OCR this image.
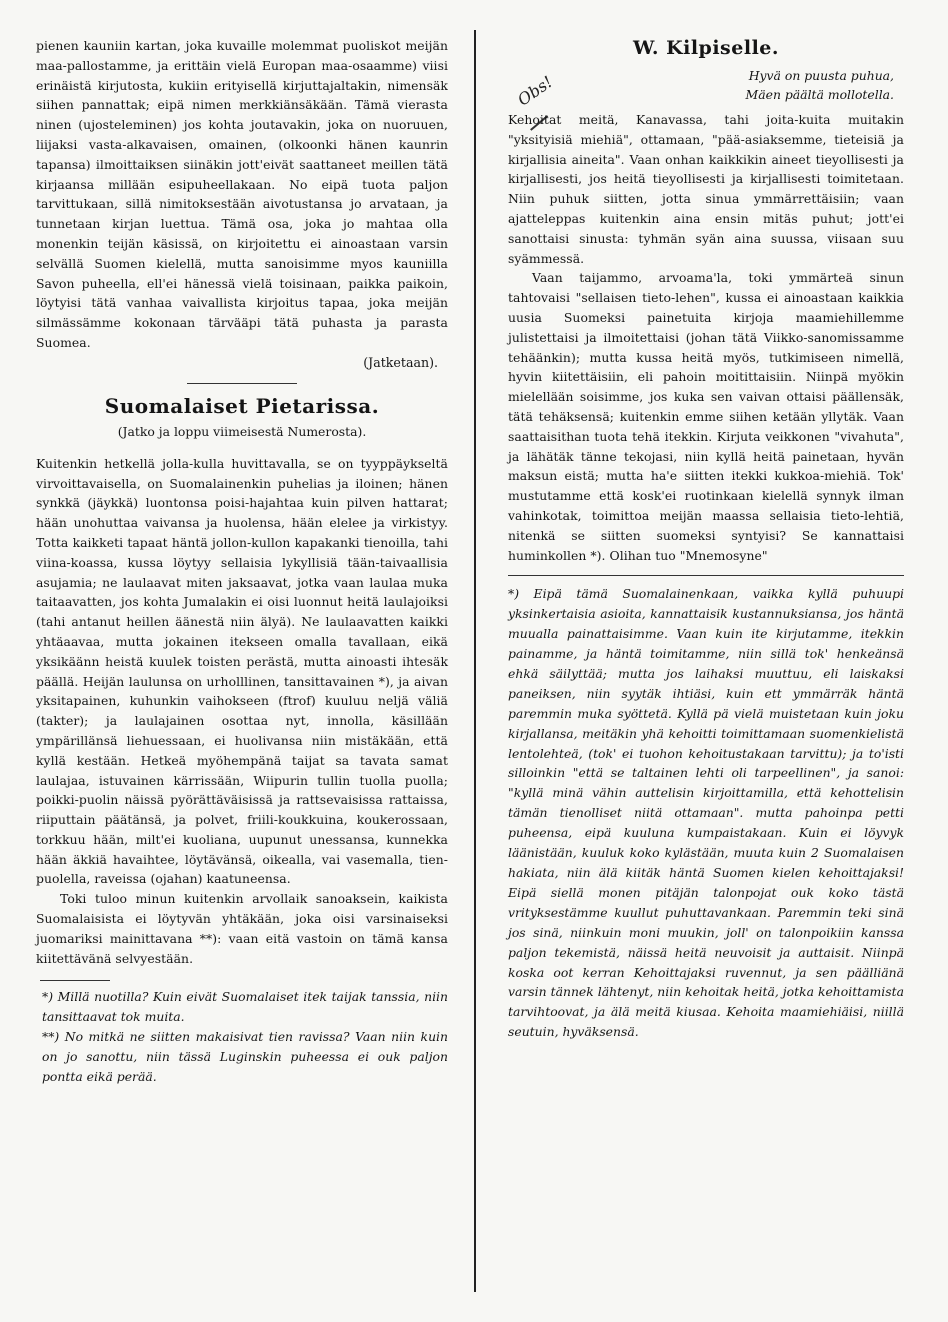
pienen kauniin kartan, joka kuvaille molemmat puoliskot meijän maa-pallostamme, ja erittäin vielä Europan maa-osaamme) viisi erinäistä kirjutosta, kukiin erityisellä kirjuttajaltakin, nimensäk siihen pannattak; eipä nimen merkkiänsäkään. Tämä vierasta ninen (ujosteleminen) jos kohta joutavakin, joka on nuoruuen, liijaksi vasta-alkavaisen, omainen, (olkoonki hänen kaunrin tapansa) ilmoittaiksen siinäkin jott'eivät saattaneet meillen tätä kirjaansa millään esipuheellakaan. No eipä tuota paljon tarvittukaan, sillä nimitoksestään aivotustansa jo arvataan, ja tunnetaan kirjan luettua. Tämä osa, joka jo mahtaa olla monenkin teijän käsissä, on kirjoitettu ei ainoastaan varsin selvällä Suomen kielellä, mutta sanoisimme myos kauniilla Savon puheella, ell'ei hänessä vielä toisinaan, paikka paikoin, löytyisi tätä vanhaa vaivallista kirjoitus tapaa, joka meijän silmässämme kokonaan tärvääpi tätä puhasta ja parasta Suomea.

(Jatketaan).

Suomalaiset Pietarissa.
(Jatko ja loppu viimeisestä Numerosta).

Kuitenkin hetkellä jolla-kulla huvittavalla, se on tyyppäykseltä virvoittavaisella, on Suomalainenkin puhelias ja iloinen; hänen synkkä (jäykkä) luontonsa poisi-hajahtaa kuin pilven hattarat; hään unohuttaa vaivansa ja huolensa, hään elelee ja virkistyy. Totta kaikketi tapaat häntä jollon-kullon kapakanki tienoilla, tahi viina-koassa, kussa löytyy sellaisia lykyllisiä tään-taivaallisia asujamia; ne laulaavat miten jaksaavat, jotka vaan laulaa muka taitaavatten, jos kohta Jumalakin ei oisi luonnut heitä laulajoiksi (tahi antanut heillen äänestä niin älyä). Ne laulaavatten kaikki yhtäaavaa, mutta jokainen itekseen omalla tavallaan, eikä yksikäänn heistä kuulek toisten perästä, mutta ainoasti ihtesäk päällä. Heijän laulunsa on urholllinen, tansittavainen *), ja aivan yksitapainen, kuhunkin vaihokseen (ftrof) kuuluu neljä väliä (takter); ja laulajainen osottaa nyt, innolla, käsillään ympärillänsä liehuessaan, ei huolivansa niin mistäkään, että kyllä kestään. Hetkeä myöhempänä taijat sa tavata samat laulajaa, istuvainen kärrissään, Wiipurin tullin tuolla puolla; poikki-puolin näissä pyörättäväisissä ja rattsevaisissa rattaissa, riiputtain päätänsä, ja polvet, friili-koukkuina, koukerossaan, torkkuu hään, milt'ei kuoliana, uupunut unessansa, kunnekka hään äkkiä havaihtee, löytävänsä, oikealla, vai vasemalla, tien-puolella, raveissa (ojahan) kaatuneensa.

Toki tuloo minun kuitenkin arvollaik sanoaksein, kaikista Suomalaisista ei löytyvän yhtäkään, joka oisi varsinaiseksi juomariksi mainittavana **): vaan eitä vastoin on tämä kansa kiitettävänä selvyestään.

*) Millä nuotilla? Kuin eivät Suomalaiset itek taijak tanssia, niin tansittaavat tok muita.

**) No mitkä ne siitten makaisivat tien ravissa? Vaan niin kuin on jo sanottu, niin tässä Luginskin puheessa ei ouk paljon pontta eikä perää.

Obs!
W. Kilpiselle.

Hyvä on puusta puhua,

Mäen päältä mollotella.

Kehoitat meitä, Kanavassa, tahi joita-kuita muitakin "yksityisiä miehiä", ottamaan, "pää-asiaksemme, tieteisiä ja kirjallisia aineita". Vaan onhan kaikkikin aineet tieyollisesti ja kirjallisesti, jos heitä tieyollisesti ja kirjallisesti toimitetaan. Niin puhuk siitten, jotta sinua ymmärrettäisiin; vaan ajatteleppas kuitenkin aina ensin mitäs puhut; jott'ei sanottaisi sinusta: tyhmän syän aina suussa, viisaan suu syämmessä.

Vaan taijammo, arvoama'la, toki ymmärteä sinun tahtovaisi "sellaisen tieto-lehen", kussa ei ainoastaan kaikkia uusia Suomeksi painetuita kirjoja maamiehillemme julistettaisi ja ilmoitettaisi (johan tätä Viikko-sanomissamme tehäänkin); mutta kussa heitä myös, tutkimiseen nimellä, hyvin kiitettäisiin, eli pahoin moitittaisiin. Niinpä myökin mielellään soisimme, jos kuka sen vaivan ottaisi päällensäk, tätä tehäksensä; kuitenkin emme siihen ketään yllytäk. Vaan saattaisithan tuota tehä itekkin. Kirjuta veikkonen "vivahuta", ja lähätäk tänne tekojasi, niin kyllä heitä painetaan, hyvän maksun eistä; mutta ha'e siitten itekki kukkoa-miehiä. Tok' mustutamme että kosk'ei ruotinkaan kielellä synnyk ilman vahinkotak, toimittoa meijän maassa sellaisia tieto-lehtiä, nitenkä se siitten suomeksi syntyisi? Se kannattaisi huminkollen *). Olihan tuo "Mnemosyne"

*) Eipä tämä Suomalainenkaan, vaikka kyllä puhuupi yksinkertaisia asioita, kannattaisik kustannuksiansa, jos häntä muualla painattaisimme. Vaan kuin ite kirjutamme, itekkin painamme, ja häntä toimitamme, niin sillä tok' henkeänsä ehkä säilyttää; mutta jos laihaksi muuttuu, eli laiskaksi paneiksen, niin syytäk ihtiäsi, kuin ett ymmärräk häntä paremmin muka syöttetä. Kyllä pä vielä muistetaan kuin joku kirjallansa, meitäkin yhä kehoitti toimittamaan suomenkielistä lentolehteä, (tok' ei tuohon kehoitustakaan tarvittu); ja to'isti silloinkin "että se taltainen lehti oli tarpeellinen", ja sanoi: "kyllä minä vähin auttelisin kirjoittamilla, että kehottelisin tämän tienolliset niitä ottamaan". mutta pahoinpa petti puheensa, eipä kuuluna kumpaistakaan. Kuin ei löyvyk läänistään, kuuluk koko kylästään, muuta kuin 2 Suomalaisen hakiata, niin älä kiitäk häntä Suomen kielen kehoittajaksi! Eipä siellä monen pitäjän talonpojat ouk koko tästä vrityksestämme kuullut puhuttavankaan. Paremmin teki sinä jos sinä, niinkuin moni muukin, joll' on talonpoikiin kanssa paljon tekemistä, näissä heitä neuvoisit ja auttaisit. Niinpä koska oot kerran Kehoittajaksi ruvennut, ja sen päälliänä varsin tännek lähtenyt, niin kehoitak heitä, jotka kehoittamista tarvihtoovat, ja älä meitä kiusaa. Kehoita maamiehiäisi, niillä seutuin, hyväksensä.
